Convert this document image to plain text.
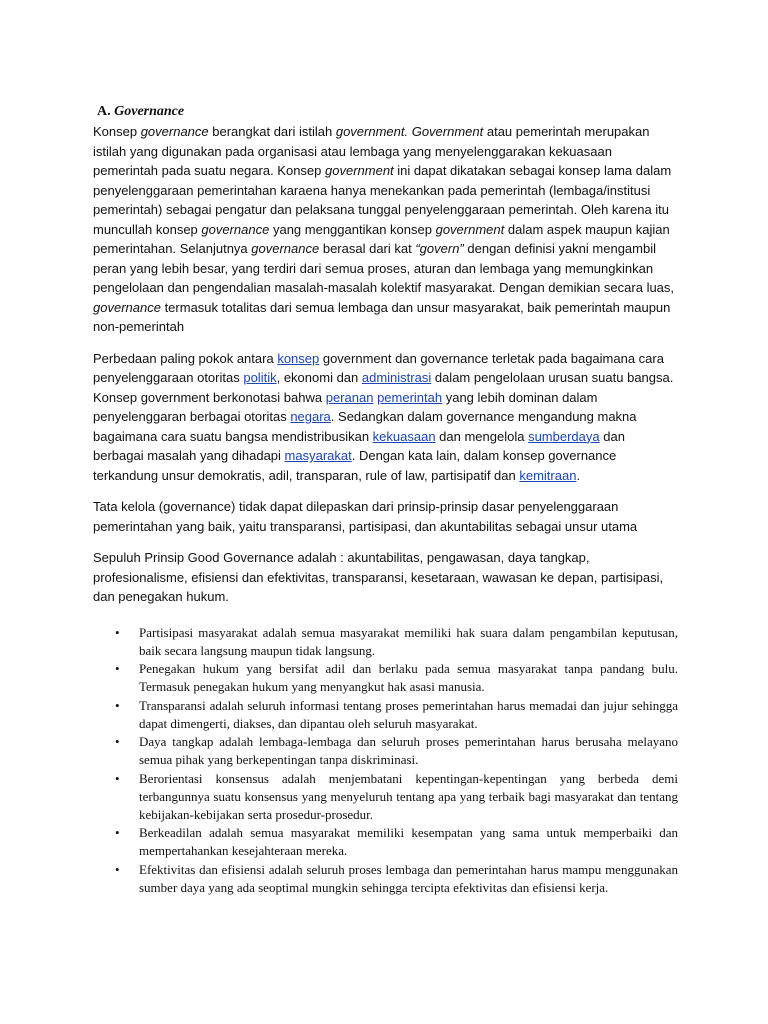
A. Governance

Konsep governance berangkat dari istilah government. Government atau pemerintah merupakan istilah yang digunakan pada organisasi atau lembaga yang menyelenggarakan kekuasaan pemerintah pada suatu negara. Konsep government ini dapat dikatakan sebagai konsep lama dalam penyelenggaraan pemerintahan karaena hanya menekankan pada pemerintah (lembaga/institusi pemerintah) sebagai pengatur dan pelaksana tunggal penyelenggaraan pemerintah. Oleh karena itu muncullah konsep governance yang menggantikan konsep government dalam aspek maupun kajian pemerintahan. Selanjutnya governance berasal dari kat “govern” dengan definisi yakni mengambil peran yang lebih besar, yang terdiri dari semua proses, aturan dan lembaga yang memungkinkan pengelolaan dan pengendalian masalah-masalah kolektif masyarakat. Dengan demikian secara luas, governance termasuk totalitas dari semua lembaga dan unsur masyarakat, baik pemerintah maupun non-pemerintah

Perbedaan paling pokok antara konsep government dan governance terletak pada bagaimana cara penyelenggaraan otoritas politik, ekonomi dan administrasi dalam pengelolaan urusan suatu bangsa. Konsep government berkonotasi bahwa peranan pemerintah yang lebih dominan dalam penyelenggaran berbagai otoritas negara. Sedangkan dalam governance mengandung makna bagaimana cara suatu bangsa mendistribusikan kekuasaan dan mengelola sumberdaya dan berbagai masalah yang dihadapi masyarakat. Dengan kata lain, dalam konsep governance terkandung unsur demokratis, adil, transparan, rule of law, partisipatif dan kemitraan.

Tata kelola (governance) tidak dapat dilepaskan dari prinsip-prinsip dasar penyelenggaraan pemerintahan yang baik, yaitu transparansi, partisipasi, dan akuntabilitas sebagai unsur utama

Sepuluh Prinsip Good Governance adalah : akuntabilitas, pengawasan, daya tangkap, profesionalisme, efisiensi dan efektivitas, transparansi, kesetaraan, wawasan ke depan, partisipasi, dan penegakan hukum.

• Partisipasi masyarakat adalah semua masyarakat memiliki hak suara dalam pengambilan keputusan, baik secara langsung maupun tidak langsung.
• Penegakan hukum yang bersifat adil dan berlaku pada semua masyarakat tanpa pandang bulu. Termasuk penegakan hukum yang menyangkut hak asasi manusia.
• Transparansi adalah seluruh informasi tentang proses pemerintahan harus memadai dan jujur sehingga dapat dimengerti, diakses, dan dipantau oleh seluruh masyarakat.
• Daya tangkap adalah lembaga-lembaga dan seluruh proses pemerintahan harus berusaha melayano semua pihak yang berkepentingan tanpa diskriminasi.
• Berorientasi konsensus adalah menjembatani kepentingan-kepentingan yang berbeda demi terbangunnya suatu konsensus yang menyeluruh tentang apa yang terbaik bagi masyarakat dan tentang kebijakan-kebijakan serta prosedur-prosedur.
• Berkeadilan adalah semua masyarakat memiliki kesempatan yang sama untuk memperbaiki dan mempertahankan kesejahteraan mereka.
• Efektivitas dan efisiensi adalah seluruh proses lembaga dan pemerintahan harus mampu menggunakan sumber daya yang ada seoptimal mungkin sehingga tercipta efektivitas dan efisiensi kerja.
